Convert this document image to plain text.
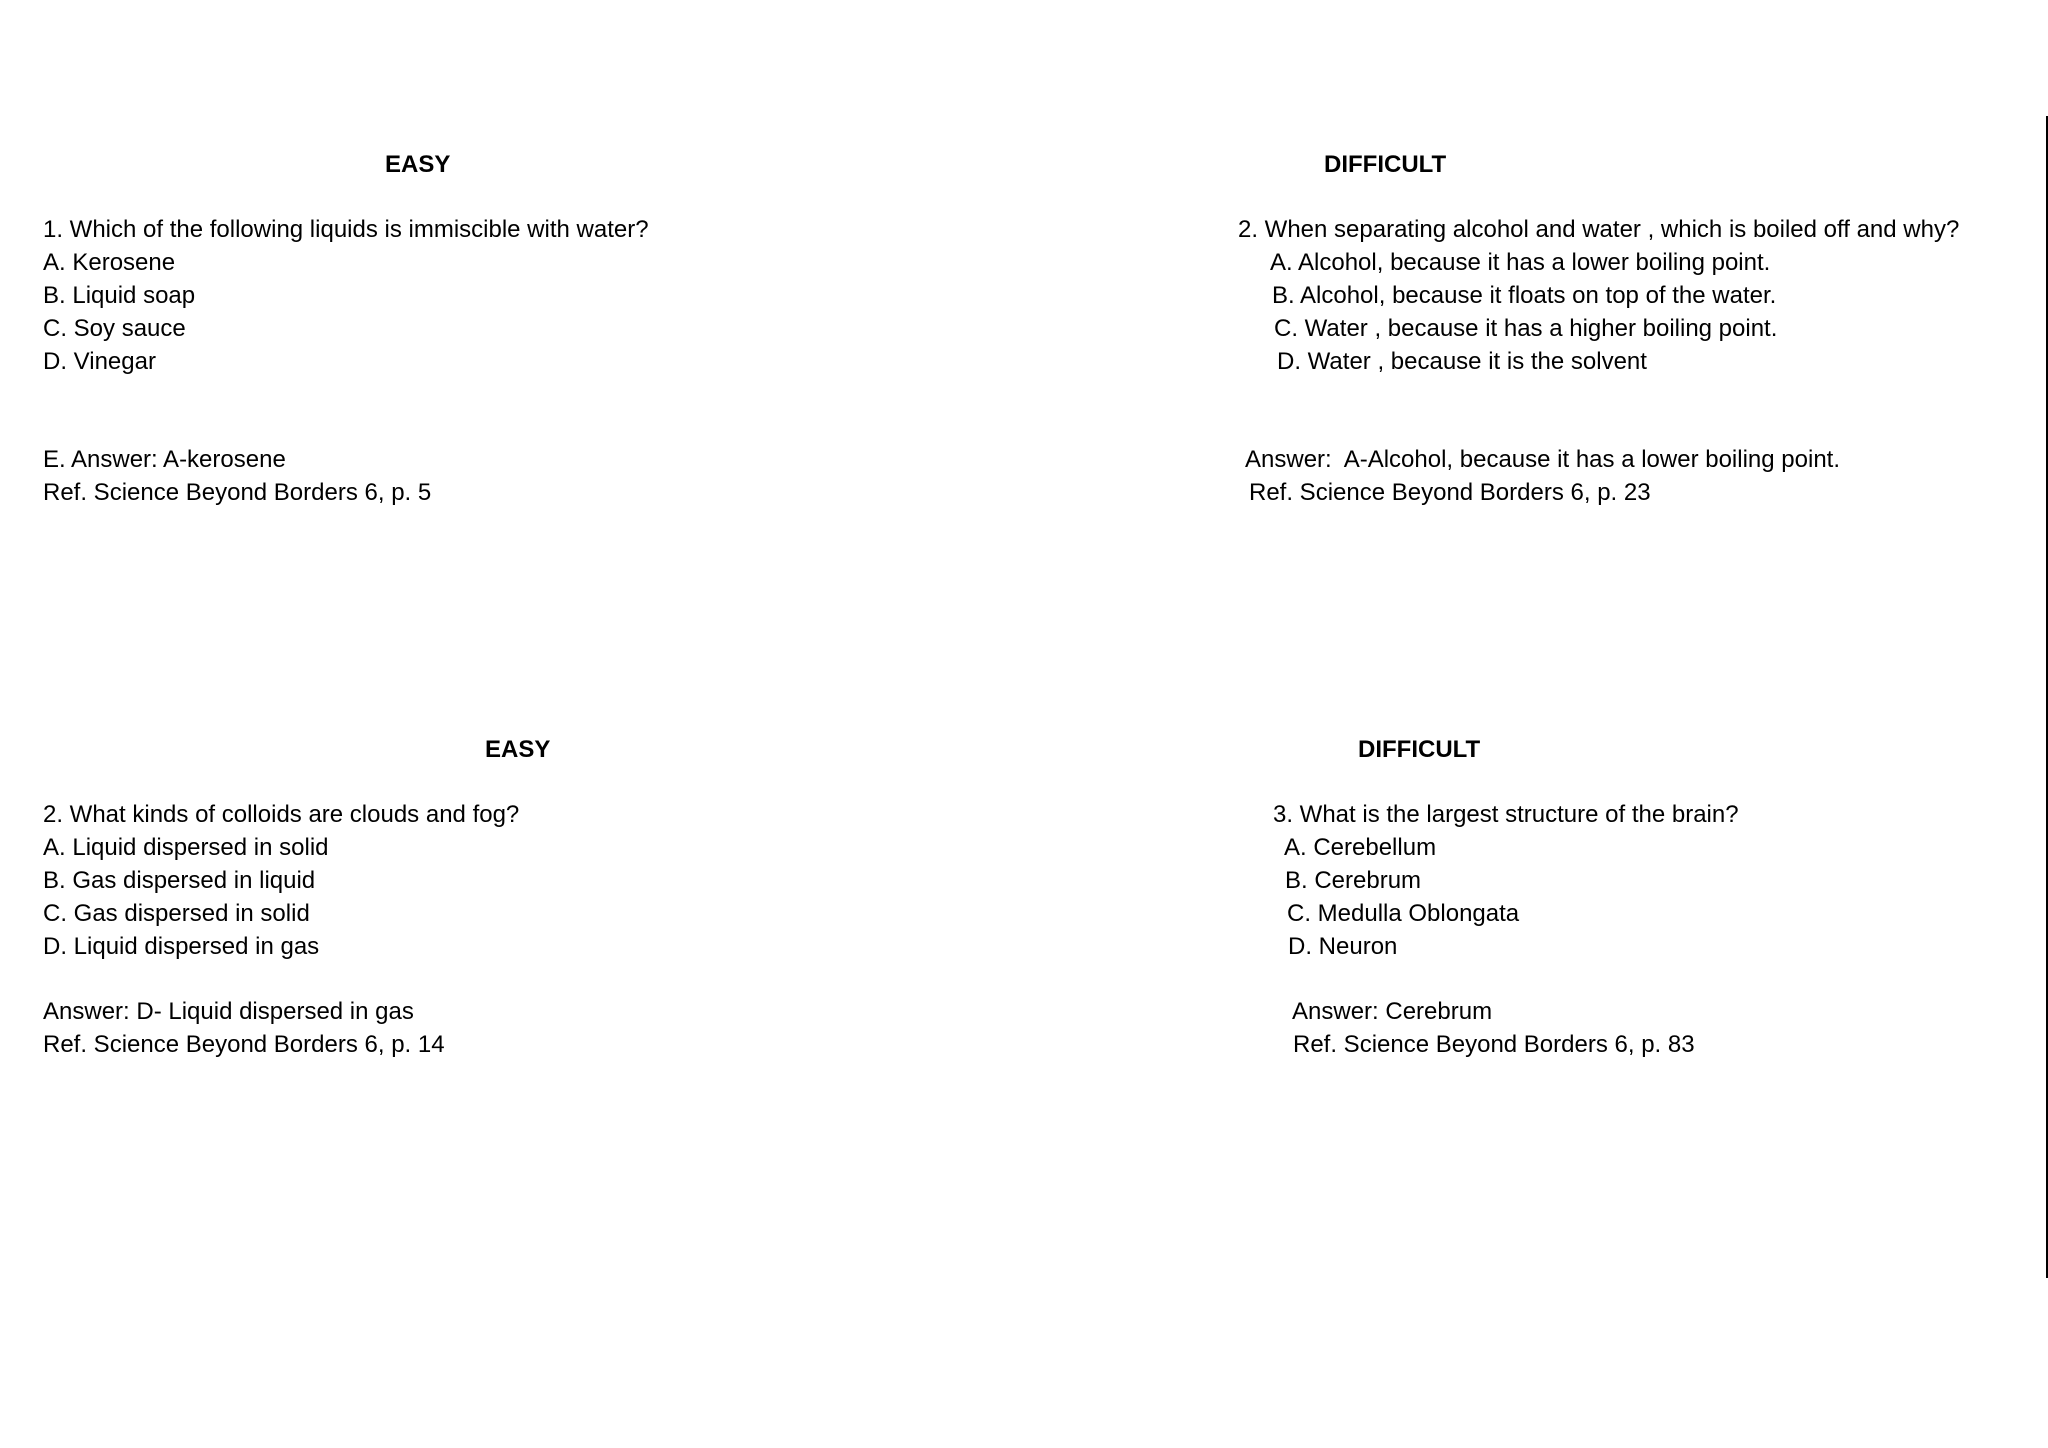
EASY
1. Which of the following liquids is immiscible with water?
A. Kerosene
B. Liquid soap
C. Soy sauce
D. Vinegar
E. Answer: A-kerosene
Ref. Science Beyond Borders 6, p. 5
DIFFICULT
2. When separating alcohol and water , which is boiled off and why?
A. Alcohol, because it has a lower boiling point.
B. Alcohol, because it floats on top of the water.
C. Water , because it has a higher boiling point.
D. Water , because it is the solvent
Answer:  A-Alcohol, because it has a lower boiling point.
Ref. Science Beyond Borders 6, p. 23
EASY
2. What kinds of colloids are clouds and fog?
A. Liquid dispersed in solid
B. Gas dispersed in liquid
C. Gas dispersed in solid
D. Liquid dispersed in gas
Answer: D- Liquid dispersed in gas
Ref. Science Beyond Borders 6, p. 14
DIFFICULT
3. What is the largest structure of the brain?
A. Cerebellum
B. Cerebrum
C. Medulla Oblongata
D. Neuron
Answer: Cerebrum
Ref. Science Beyond Borders 6, p. 83
